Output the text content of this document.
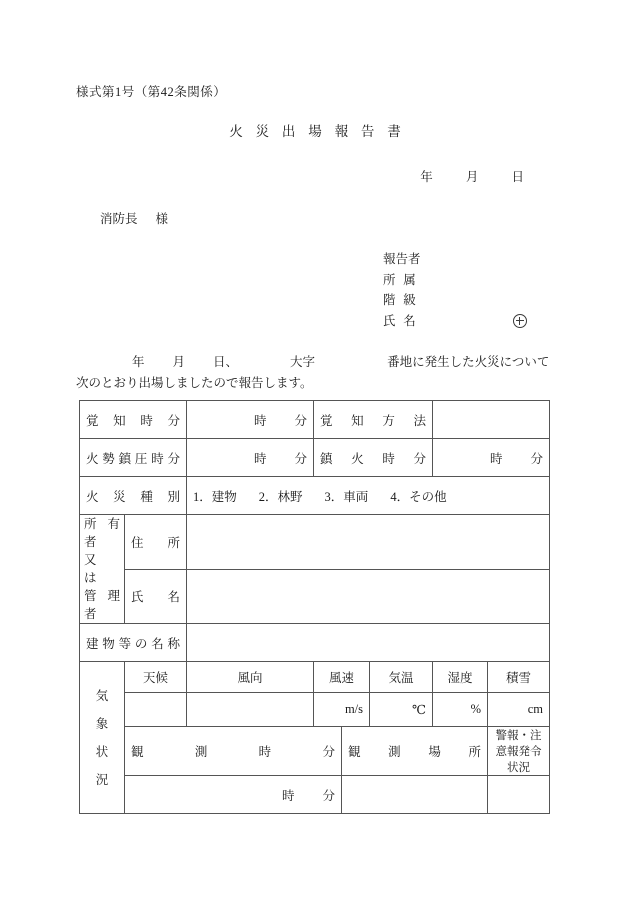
様式第1号（第42条関係）
火災出場報告書
年	月	日
消防長 様
報告者
所属
階級
氏名
年 月 日、	大字	番地に発生した火災について
次のとおり出場しましたので報告します。
覚知時分		時 分	覚知方法				

火勢鎮圧時分		時 分	鎮火時分			時 分	

火災種別		1．建物 2．林野 3．車両 4．その他					

所有者
又　は
管理者	住所						

	氏名						

建物等の名称							

気
象
状
況	天候	風向	風速		気温	湿度	積雪
			m/s		℃	%	cm

	観測時分			観測場所			警報・注意報発令状況
	時 分						
